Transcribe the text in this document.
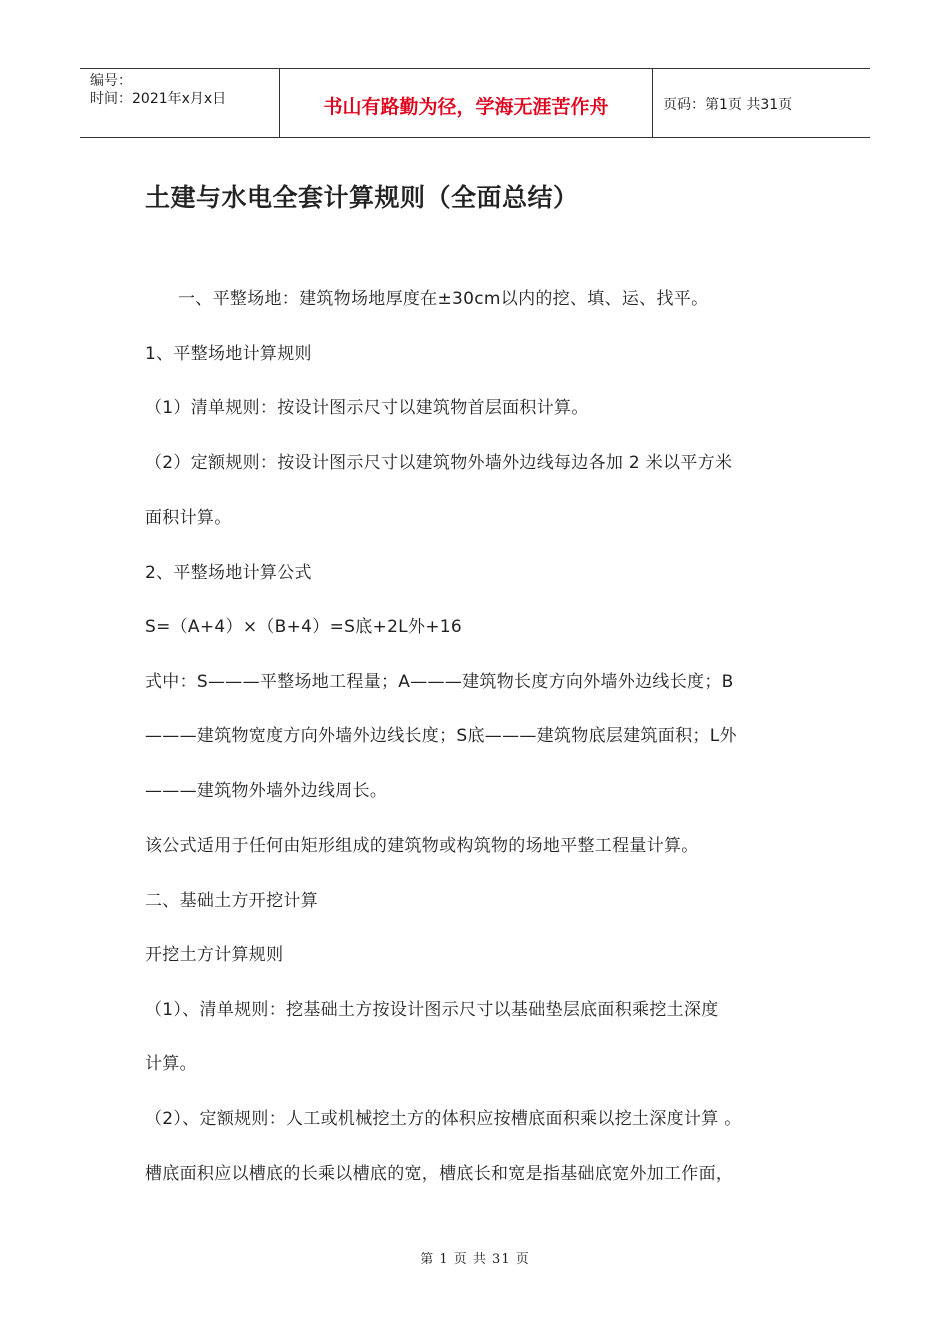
编号：
时间：2021年x月x日	书山有路勤为径，学海无涯苦作舟	页码：第1页 共31页
土建与水电全套计算规则（全面总结）
一、平整场地：建筑物场地厚度在±30cm以内的挖、填、运、找平。
1、平整场地计算规则
（1）清单规则：按设计图示尺寸以建筑物首层面积计算。
（2）定额规则：按设计图示尺寸以建筑物外墙外边线每边各加 2 米以平方米
面积计算。
2、平整场地计算公式
S=（A+4）×（B+4）=S底+2L外+16
式中：S———平整场地工程量；A———建筑物长度方向外墙外边线长度；B
———建筑物宽度方向外墙外边线长度；S底———建筑物底层建筑面积；L外
———建筑物外墙外边线周长。
该公式适用于任何由矩形组成的建筑物或构筑物的场地平整工程量计算。
二、基础土方开挖计算
开挖土方计算规则
（1）、清单规则：挖基础土方按设计图示尺寸以基础垫层底面积乘挖土深度
计算。
（2）、定额规则：人工或机械挖土方的体积应按槽底面积乘以挖土深度计算 。
槽底面积应以槽底的长乘以槽底的宽，槽底长和宽是指基础底宽外加工作面，
第 1 页 共 31 页
